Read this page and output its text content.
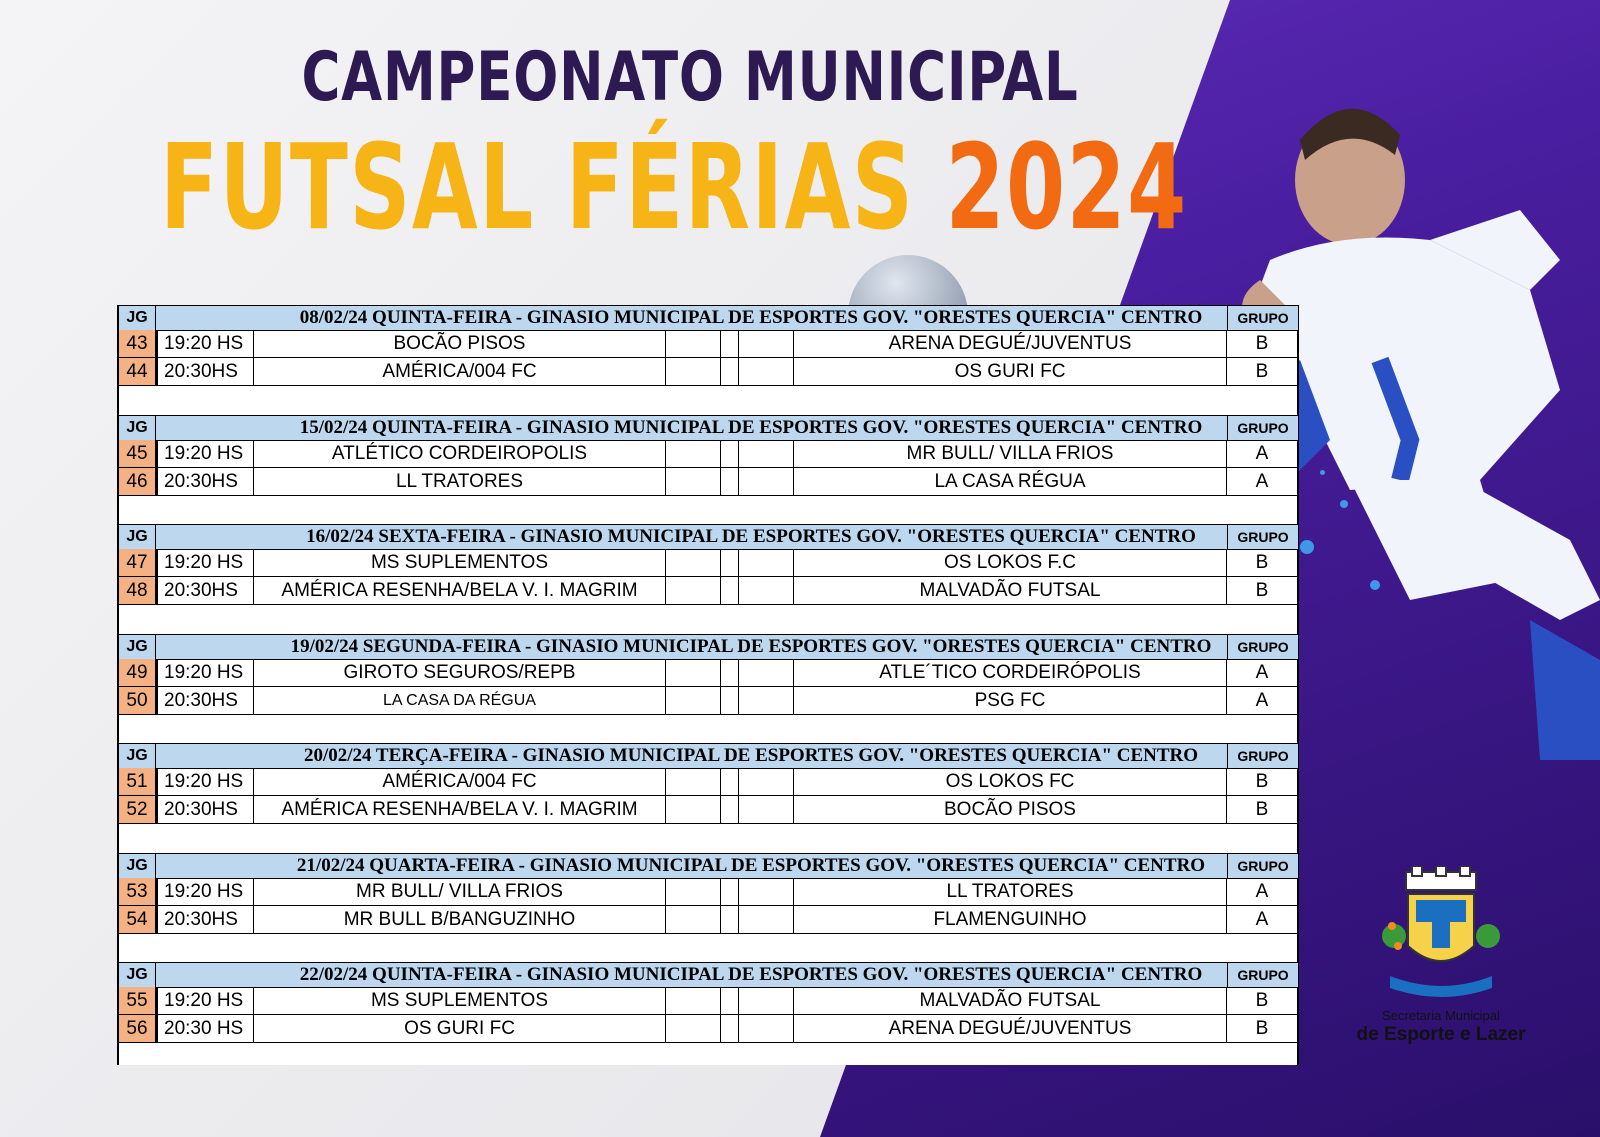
CAMPEONATO MUNICIPAL
FUTSAL FÉRIAS 2024
JG	08/02/24 QUINTA-FEIRA - GINASIO MUNICIPAL DE ESPORTES GOV. "ORESTES QUERCIA" CENTRO	GRUPO
43 19:20 HS	BOCÃO PISOS	ARENA DEGUÉ/JUVENTUS	B
44 20:30HS	AMÉRICA/004 FC	OS GURI FC	B
JG	15/02/24 QUINTA-FEIRA - GINASIO MUNICIPAL DE ESPORTES GOV. "ORESTES QUERCIA" CENTRO	GRUPO
45 19:20 HS	ATLÉTICO CORDEIROPOLIS	MR BULL/ VILLA FRIOS	A
46 20:30HS	LL TRATORES	LA CASA RÉGUA	A
JG	16/02/24 SEXTA-FEIRA - GINASIO MUNICIPAL DE ESPORTES GOV. "ORESTES QUERCIA" CENTRO	GRUPO
47 19:20 HS	MS SUPLEMENTOS	OS LOKOS F.C	B
48 20:30HS	AMÉRICA RESENHA/BELA V. I. MAGRIM	MALVADÃO FUTSAL	B
JG	19/02/24 SEGUNDA-FEIRA - GINASIO MUNICIPAL DE ESPORTES GOV. "ORESTES QUERCIA" CENTRO	GRUPO
49 19:20 HS	GIROTO SEGUROS/REPB	ATLE´TICO CORDEIRÓPOLIS	A
50 20:30HS	LA CASA DA RÉGUA	PSG FC	A
JG	20/02/24 TERÇA-FEIRA - GINASIO MUNICIPAL DE ESPORTES GOV. "ORESTES QUERCIA" CENTRO	GRUPO
51 19:20 HS	AMÉRICA/004 FC	OS LOKOS FC	B
52 20:30HS	AMÉRICA RESENHA/BELA V. I. MAGRIM	BOCÃO PISOS	B
JG	21/02/24 QUARTA-FEIRA - GINASIO MUNICIPAL DE ESPORTES GOV. "ORESTES QUERCIA" CENTRO	GRUPO
53 19:20 HS	MR BULL/ VILLA FRIOS	LL TRATORES	A
54 20:30HS	MR BULL B/BANGUZINHO	FLAMENGUINHO	A
JG	22/02/24 QUINTA-FEIRA - GINASIO MUNICIPAL DE ESPORTES GOV. "ORESTES QUERCIA" CENTRO	GRUPO
55 19:20 HS	MS SUPLEMENTOS	MALVADÃO FUTSAL	B
56 20:30 HS	OS GURI FC	ARENA DEGUÉ/JUVENTUS	B
Secretaria Municipal
de Esporte e Lazer
